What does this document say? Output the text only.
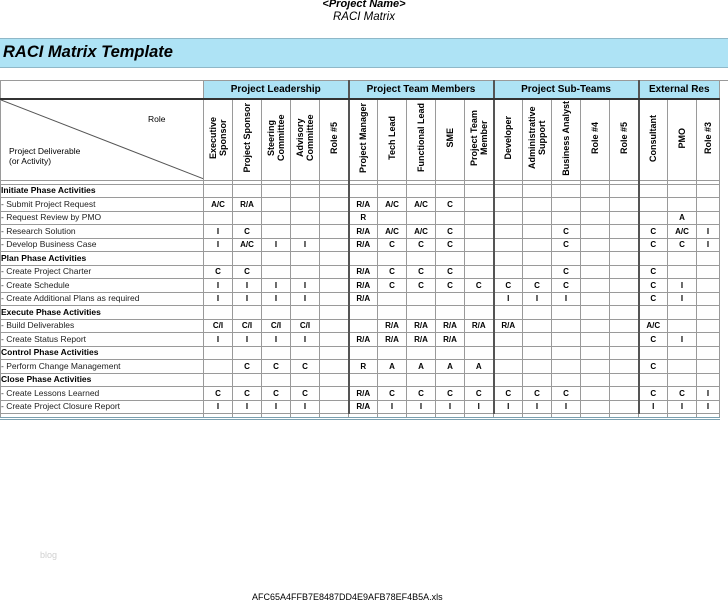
<Project Name>
RACI Matrix
RACI Matrix Template
	Project Leadership					Project Team Members					Project Sub-Teams					External Res		

Role
Project Deliverable
(or Activity)	Executive Sponsor	Project Sponsor	Steering Committee	Advisory Committee	Role #5	Project Manager	Tech Lead	Functional Lead	SME	Project Team Member	Developer	Administrative Support	Business Analyst	Role #4	Role #5	Consultant	PMO	Role #3

Initiate Phase Activities																		
- Submit Project Request	A/C	R/A				R/A	A/C	A/C	C									
- Request Review by PMO						R											A	
- Research Solution	I	C				R/A	A/C	A/C	C				C			C	A/C	I
- Develop Business Case	I	A/C	I	I		R/A	C	C	C				C			C	C	I
Plan Phase Activities																		
- Create Project Charter	C	C				R/A	C	C	C				C			C		
- Create Schedule	I	I	I	I		R/A	C	C	C	C	C	C	C			C	I	
- Create Additional Plans as required	I	I	I	I		R/A					I	I	I			C	I	
Execute Phase Activities																		
- Build Deliverables	C/I	C/I	C/I	C/I			R/A	R/A	R/A	R/A	R/A					A/C		
- Create Status Report	I	I	I	I		R/A	R/A	R/A	R/A							C	I	
Control Phase Activities																		
- Perform Change Management		C	C	C		R	A	A	A	A						C		
Close Phase Activities																		
- Create Lessons Learned	C	C	C	C		R/A	C	C	C	C	C	C	C			C	C	I
- Create Project Closure Report	I	I	I	I		R/A	I	I	I	I	I	I	I			I	I	I

blog
AFC65A4FFB7E8487DD4E9AFB78EF4B5A.xls
